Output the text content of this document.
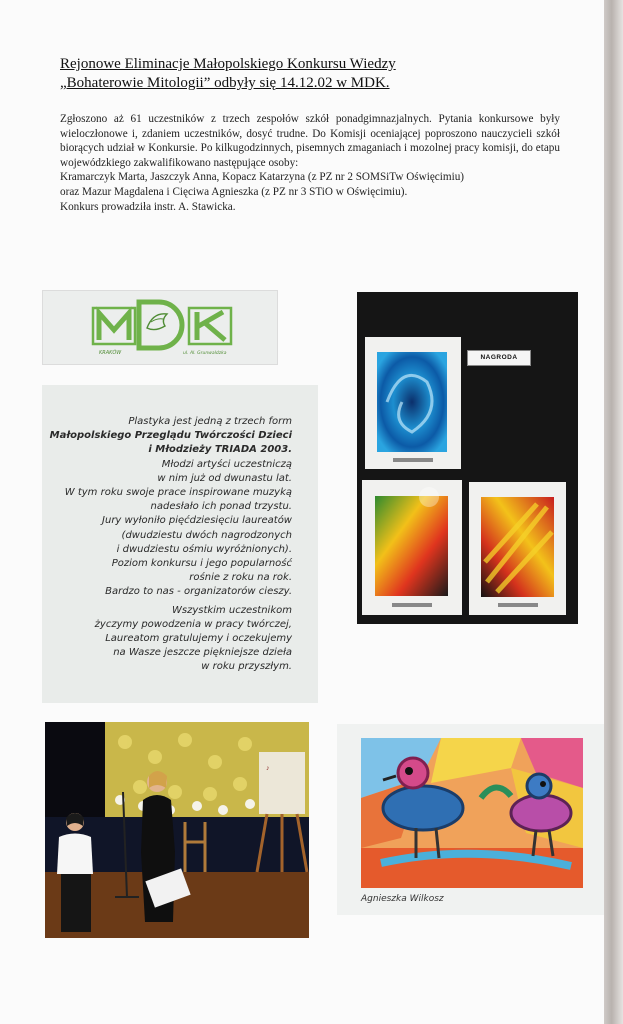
Rejonowe Eliminacje Małopolskiego Konkursu Wiedzy
„Bohaterowie Mitologii” odbyły się 14.12.02 w MDK.

Zgłoszono aż 61 uczestników z trzech zespołów szkół ponadgimnazjalnych. Pytania konkursowe były wieloczłonowe i, zdaniem uczestników, dosyć trudne. Do Komisji oceniającej poproszono nauczycieli szkół biorących udział w Konkursie. Po kilkugodzinnych, pisemnych zmaganiach i mozolnej pracy komisji, do etapu wojewódzkiego zakwalifikowano następujące osoby:

Kramarczyk Marta, Jaszczyk Anna, Kopacz Katarzyna (z PZ nr 2 SOMSiTw Oświęcimiu)

oraz Mazur Magdalena i Cięciwa Agnieszka (z PZ nr 3 STiO w Oświęcimiu).

Konkurs prowadziła instr. A. Stawicka.

KRAKÓW	ul. Al. Grunwaldzka
Plastyka jest jedną z trzech form
Małopolskiego Przeglądu Twórczości Dzieci
i Młodzieży TRIADA 2003.
Młodzi artyści uczestniczą
w nim już od dwunastu lat.
W tym roku swoje prace inspirowane muzyką
nadesłało ich ponad trzystu.
Jury wyłoniło pięćdziesięciu laureatów
(dwudziestu dwóch nagrodzonych
i dwudziestu ośmiu wyróżnionych).
Poziom konkursu i jego popularność
rośnie z roku na rok.
Bardzo to nas - organizatorów cieszy.
Wszystkim uczestnikom
życzymy powodzenia w pracy twórczej,
Laureatom gratulujemy i oczekujemy
na Wasze jeszcze piękniejsze dzieła
w roku przyszłym.
NAGRODA
♪
Agnieszka Wilkosz
